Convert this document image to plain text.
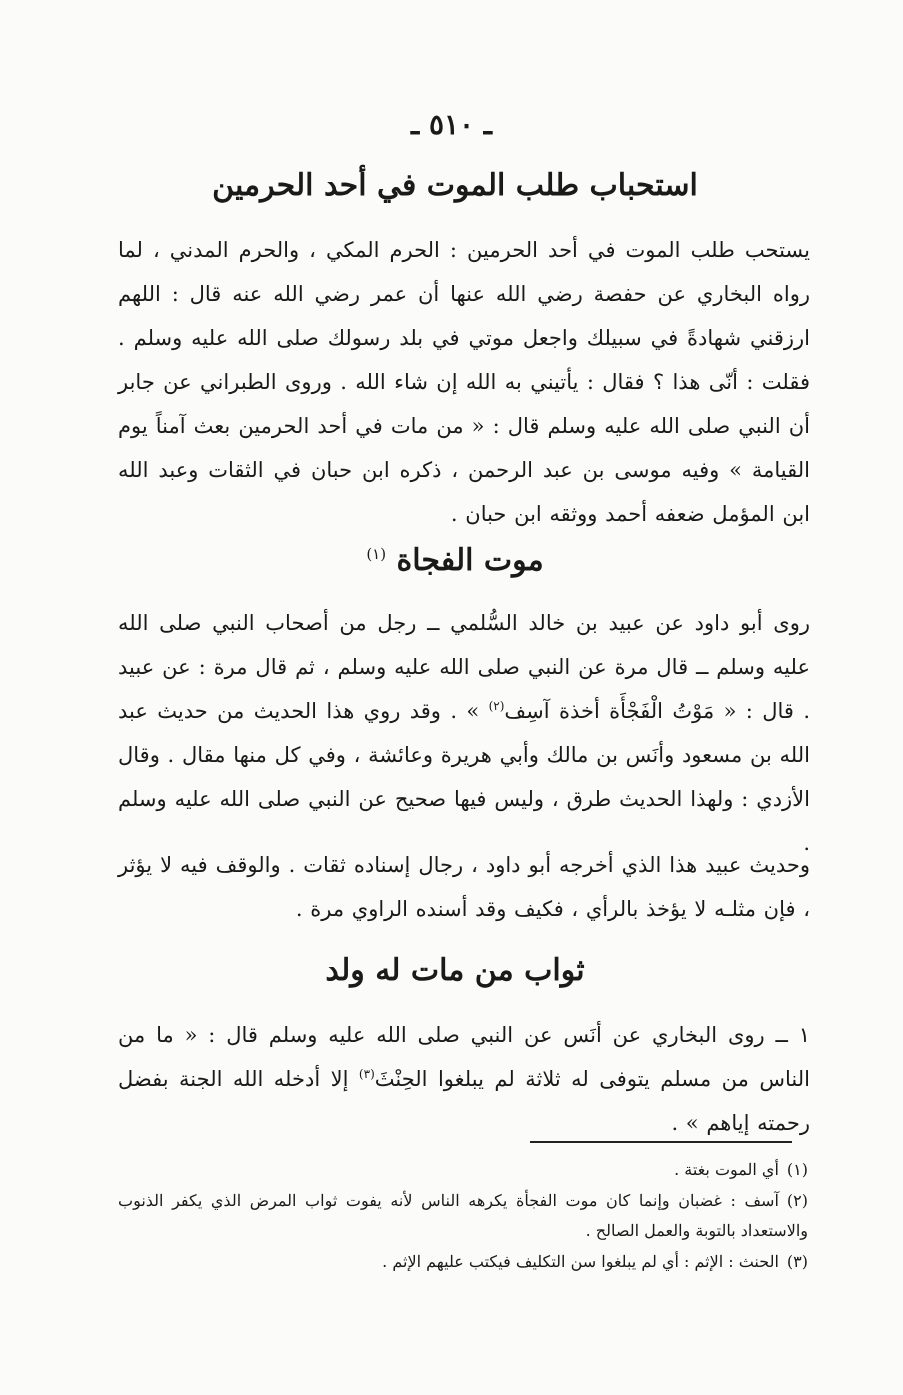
ـ ٥١٠ ـ
استحباب طلب الموت في أحد الحرمين
يستحب طلب الموت في أحد الحرمين : الحرم المكي ، والحرم المدني ، لما رواه البخاري عن حفصة رضي الله عنها أن عمر رضي الله عنه قال : اللهم ارزقني شهادةً في سبيلك واجعل موتي في بلد رسولك صلى الله عليه وسلم . فقلت : أنّى هذا ؟ فقال : يأتيني به الله إن شاء الله . وروى الطبراني عن جابر أن النبي صلى الله عليه وسلم قال : « من مات في أحد الحرمين بعث آمناً يوم القيامة » وفيه موسى بن عبد الرحمن ، ذكره ابن حبان في الثقات وعبد الله ابن المؤمل ضعفه أحمد ووثقه ابن حبان .
موت الفجاة $^{(١)}$
روى أبو داود عن عبيد بن خالد السُّلمي ــ رجل من أصحاب النبي صلى الله عليه وسلم ــ قال مرة عن النبي صلى الله عليه وسلم ، ثم قال مرة : عن عبيد . قال : « مَوْتُ الْفَجْأَة أخذة آسِف$^{(٢)}$ » . وقد روي هذا الحديث من حديث عبد الله بن مسعود وأنَس بن مالك وأبي هريرة وعائشة ، وفي كل منها مقال . وقال الأزدي : ولهذا الحديث طرق ، وليس فيها صحيح عن النبي صلى الله عليه وسلم .
وحديث عبيد هذا الذي أخرجه أبو داود ، رجال إسناده ثقات . والوقف فيه لا يؤثر ، فإن مثلـه لا يؤخذ بالرأي ، فكيف وقد أسنده الراوي مرة .
ثواب من مات له ولد
١ ــ روى البخاري عن أنَس عن النبي صلى الله عليه وسلم قال : « ما من الناس من مسلم يتوفى له ثلاثة لم يبلغوا الحِنْثَ$^{(٣)}$ إلا أدخله الله الجنة بفضل رحمته إياهم » .
(١)أي الموت بغتة .
(٢)آسف : غضبان وإنما كان موت الفجأة يكرهه الناس لأنه يفوت ثواب المرض الذي يكفر الذنوب والاستعداد بالتوبة والعمل الصالح .
(٣)الحنث : الإثم : أي لم يبلغوا سن التكليف فيكتب عليهم الإثم .
